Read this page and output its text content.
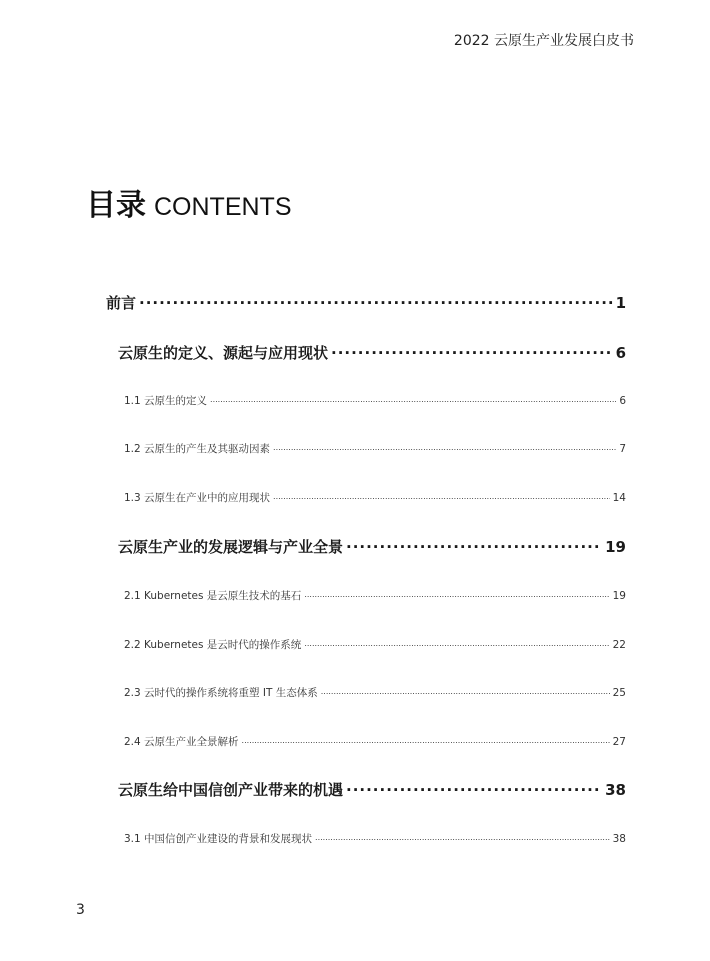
2022 云原生产业发展白皮书
目录 CONTENTS
前言 .....	1
云原生的定义、源起与应用现状 .....	6
1.1 云原生的定义 .....	6
1.2 云原生的产生及其驱动因素 .....	7
1.3 云原生在产业中的应用现状 .....	14
云原生产业的发展逻辑与产业全景 .....	19
2.1 Kubernetes 是云原生技术的基石 .....	19
2.2 Kubernetes 是云时代的操作系统 .....	22
2.3 云时代的操作系统将重塑 IT 生态体系 .....	25
2.4 云原生产业全景解析 .....	27
云原生给中国信创产业带来的机遇 .....	38
3.1 中国信创产业建设的背景和发展现状 .....	38
3
